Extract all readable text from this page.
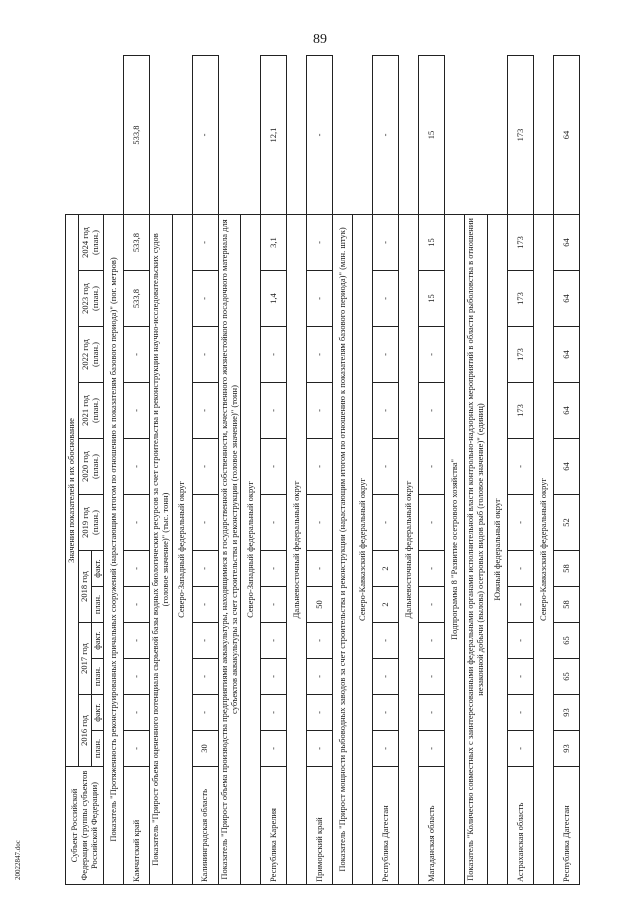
89
Субъект Российской Федерации (группы субъектов Российской Федерации)	Значения показателей и их обоснование												
	2016 год		2017 год		2018 год		2019 год (план.)	2020 год (план.)	2021 год (план.)	2022 год (план.)	2023 год (план.)	2024 год (план.)	
	план.	факт.	план.	факт.	план.	факт.							
Показатель "Протяженность реконструированных причальных сооружений (нарастающим итогом по отношению к показателям базового периода)" (пог. метров)													
Камчатский край	-	-	-	-	-	-	-	-	-	-	533,8	533,8	533,8
Показатель "Прирост объема оцененного потенциала сырьевой базы водных биологических ресурсов за счет строительства и реконструкции научно-исследовательских судов (головое значение)" (тыс. тонн)													
Северо-Западный федеральный округ													
Калининградская область	30	-	-	-	-	-	-	-	-	-	-	-	-
Показатель "Прирост объема производства предприятиями аквакультуры, находящимися в государственной собственности, качественного жизнестойкого посадочного материала для субъектов аквакультуры за счет строительства и реконструкции (головое значение)" (тонн)													
Северо-Западный федеральный округ													
Республика Карелия	-	-	-	-	-	-	-	-	-	-	1,4	3,1	12,1
Дальневосточный федеральный округ													
Приморский край	-	-	-	-	50	-	-	-	-	-	-	-	-
Показатель "Прирост мощности рыбоводных заводов за счет строительства и реконструкции (нарастающим итогом по отношению к показателям базового периода)" (млн. штук)													
Северо-Кавказский федеральный округ													
Республика Дагестан	-	-	-	-	2	2	-	-	-	-	-	-	-
Дальневосточный федеральный округ													
Магаданская область	-	-	-	-	-	-	-	-	-	-	15	15	15
Подпрограмма 8 "Развитие осетрового хозяйства"													
Показатель "Количество совместных с заинтересованными федеральными органами исполнительной власти контрольно-надзорных мероприятий в области рыболовства в отношении незаконной добычи (вылова) осетровых видов рыб (головое значение)" (единиц)													
Южный федеральный округ													
Астраханская область	-	-	-	-	-	-	-	-	173	173	173	173	173
Северо-Кавказский федеральный округ													
Республика Дагестан	93	93	65	65	58	58	52	64	64	64	64	64	64
20022847.doc
